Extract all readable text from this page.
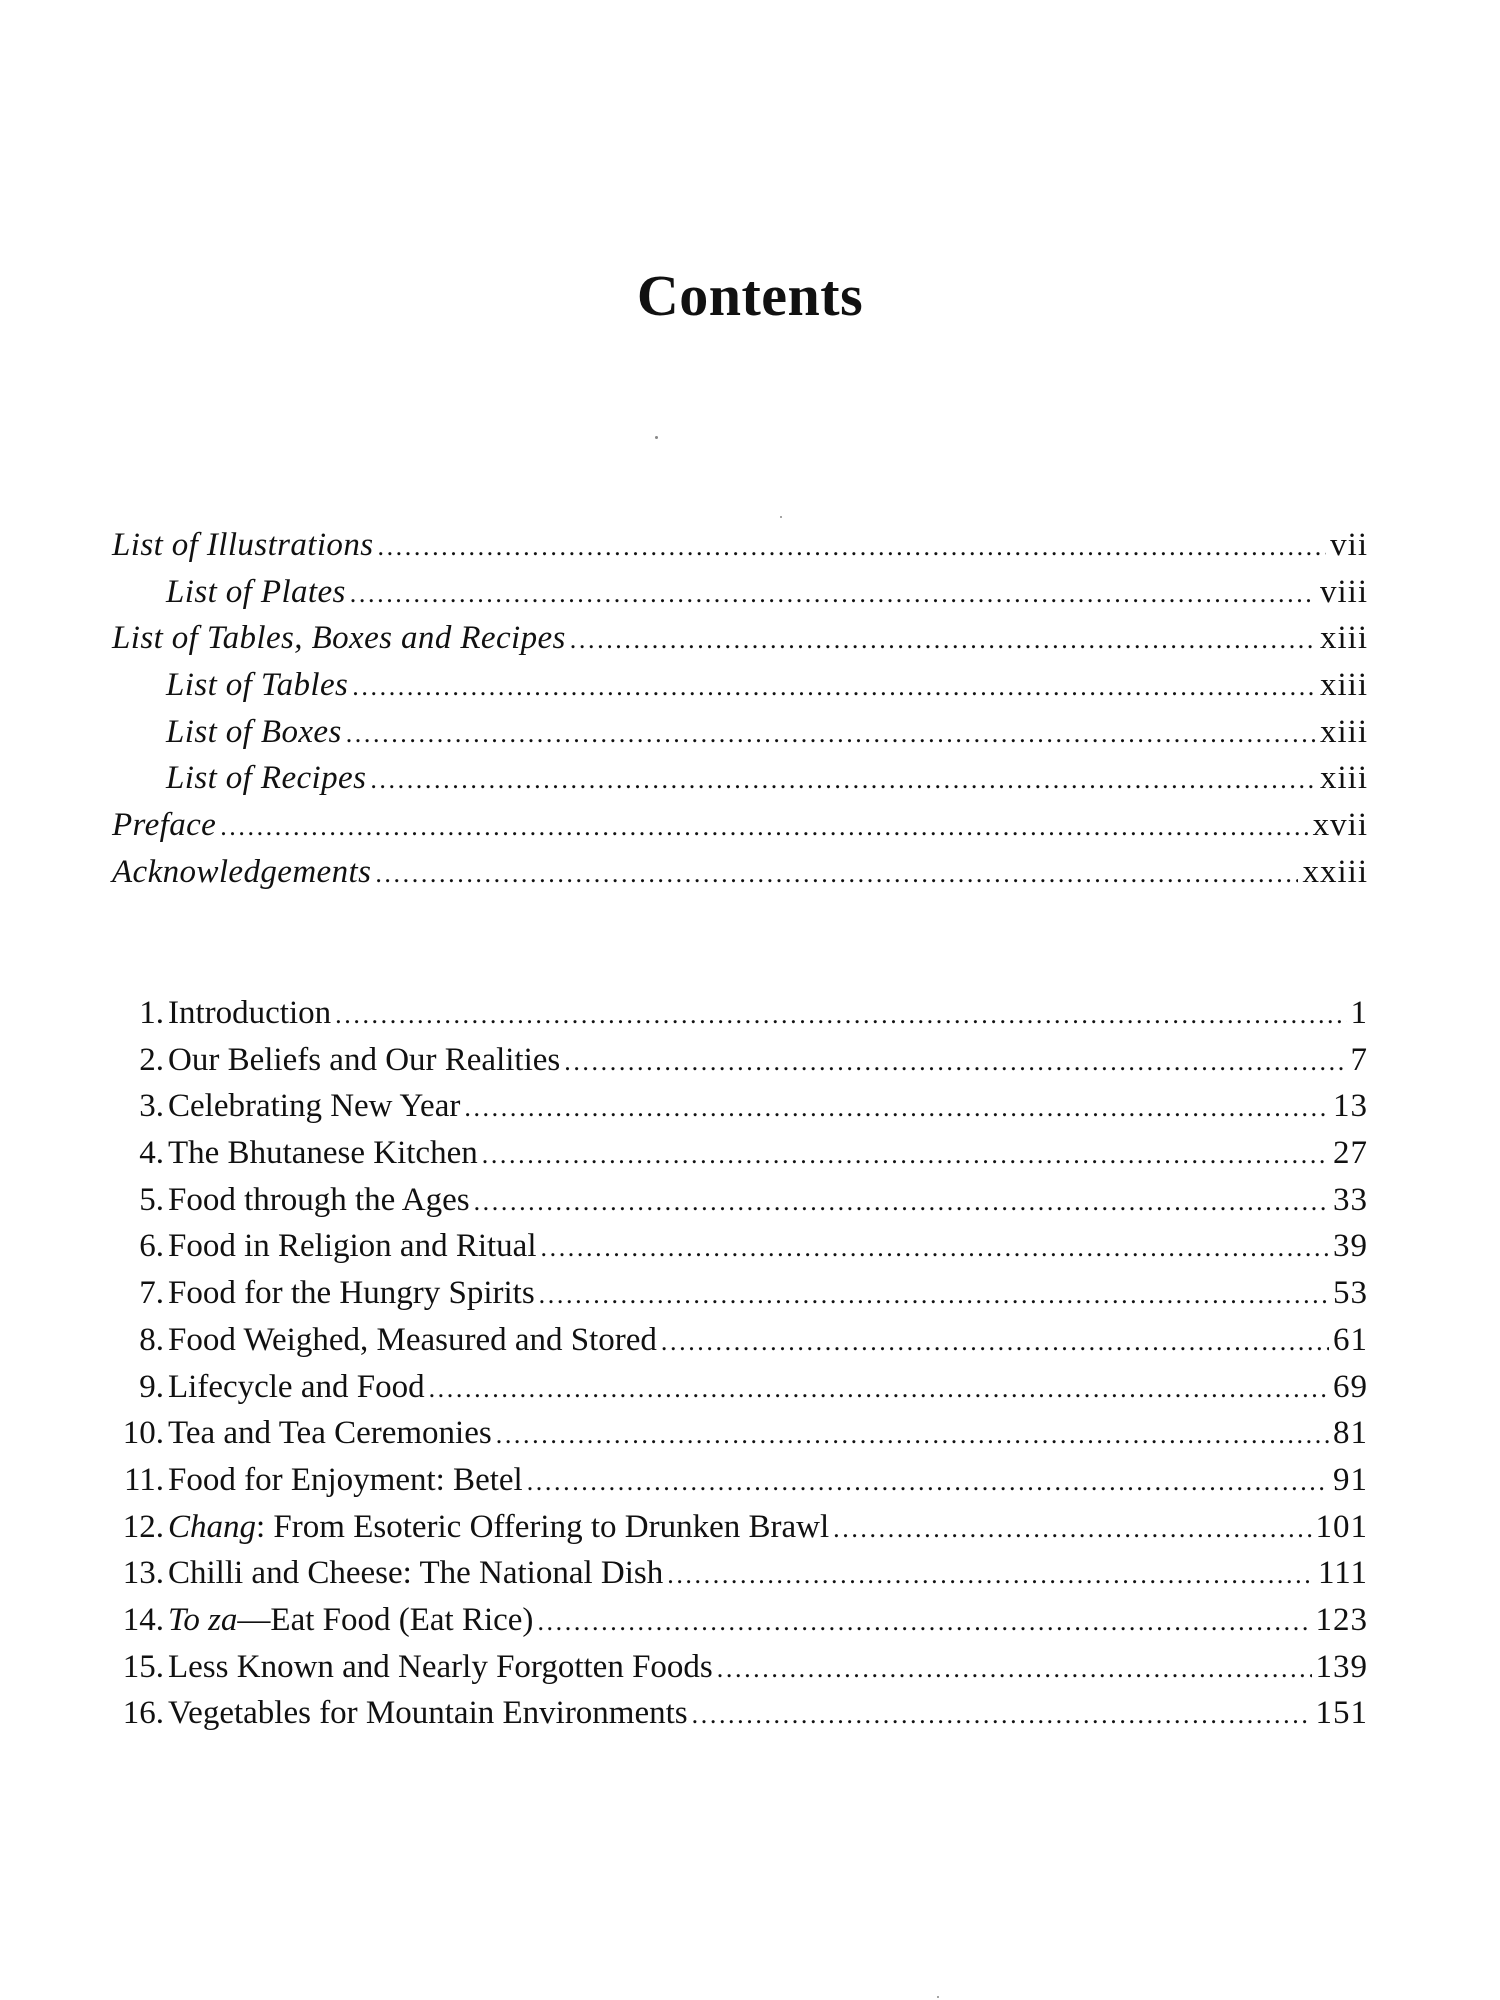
Contents
List of Illustrations .....	vii
List of Plates .....	viii
List of Tables, Boxes and Recipes .....	xiii
List of Tables .....	xiii
List of Boxes .....	xiii
List of Recipes .....	xiii
Preface .....	xvii
Acknowledgements .....	xxiii
1. Introduction .....	1
2. Our Beliefs and Our Realities .....	7
3. Celebrating New Year .....	13
4. The Bhutanese Kitchen .....	27
5. Food through the Ages .....	33
6. Food in Religion and Ritual .....	39
7. Food for the Hungry Spirits .....	53
8. Food Weighed, Measured and Stored .....	61
9. Lifecycle and Food .....	69
10. Tea and Tea Ceremonies .....	81
11. Food for Enjoyment: Betel .....	91
12. Chang: From Esoteric Offering to Drunken Brawl .....	101
13. Chilli and Cheese: The National Dish .....	111
14. To za—Eat Food (Eat Rice) .....	123
15. Less Known and Nearly Forgotten Foods .....	139
16. Vegetables for Mountain Environments .....	151
